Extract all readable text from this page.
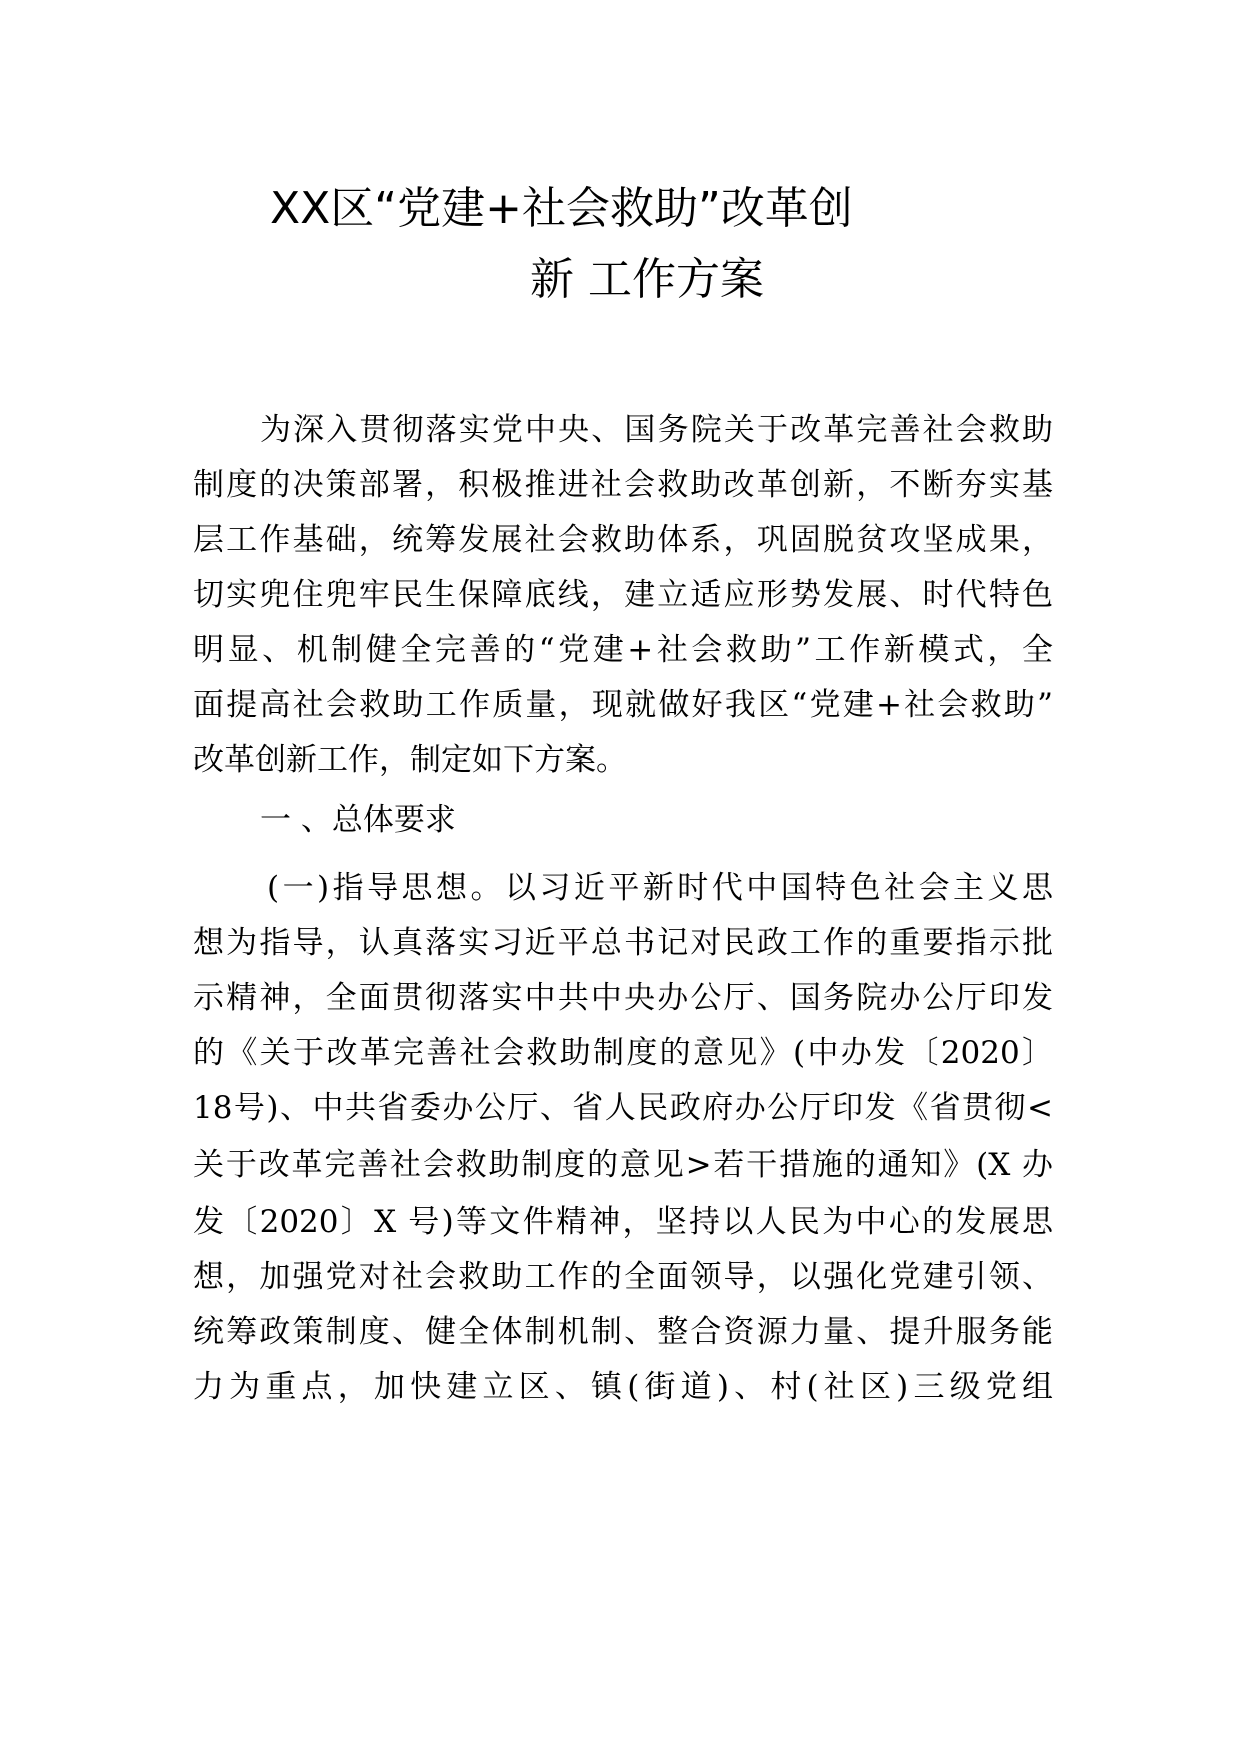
XX区“党建+社会救助”改革创
新 工作方案
为深入贯彻落实党中央、国务院关于改革完善社会救助
制度的决策部署，积极推进社会救助改革创新，不断夯实基
层工作基础，统筹发展社会救助体系，巩固脱贫攻坚成果，
切实兜住兜牢民生保障底线，建立适应形势发展、时代特色
明显、机制健全完善的“党建+社会救助”工作新模式，全
面提高社会救助工作质量，现就做好我区“党建+社会救助”
改革创新工作，制定如下方案。
一 、总体要求
(一)指导思想。以习近平新时代中国特色社会主义思
想为指导，认真落实习近平总书记对民政工作的重要指示批
示精神，全面贯彻落实中共中央办公厅、国务院办公厅印发
的《关于改革完善社会救助制度的意见》(中办发〔2020〕
18号)、中共省委办公厅、省人民政府办公厅印发《省贯彻<
关于改革完善社会救助制度的意见>若干措施的通知》(X 办
发〔2020〕X 号)等文件精神，坚持以人民为中心的发展思
想，加强党对社会救助工作的全面领导，以强化党建引领、
统筹政策制度、健全体制机制、整合资源力量、提升服务能
力为重点，加快建立区、镇(街道)、村(社区)三级党组
